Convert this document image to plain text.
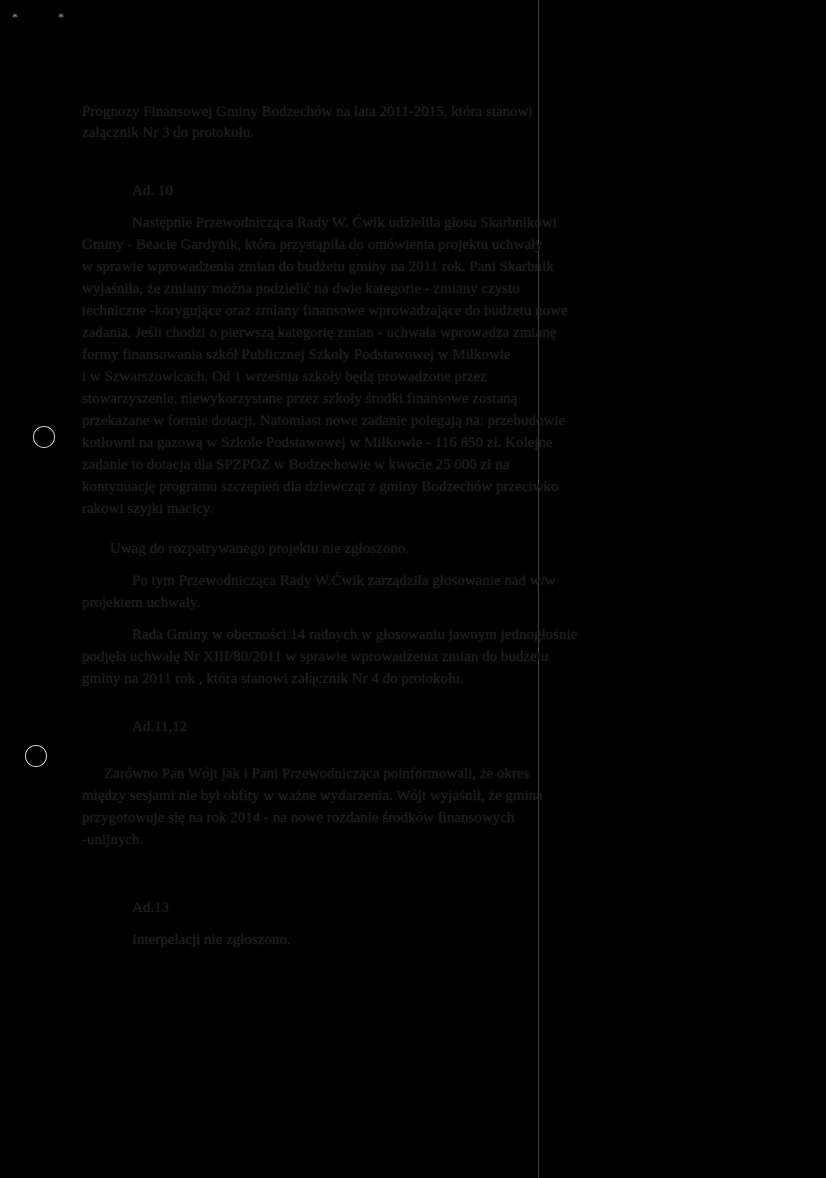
*	*
Prognozy Finansowej Gminy Bodzechów na lata 2011-2015, która stanowi
załącznik Nr 3 do protokołu.
Ad. 10
Następnie Przewodnicząca Rady W. Ćwik udzieliła głosu Skarbnikowi
Gminy - Beacie Gardynik, która przystąpiła do omówienia projektu uchwały
w sprawie wprowadzenia zmian do budżetu gminy na 2011 rok. Pani Skarbnik
wyjaśniła, że zmiany można podzielić na dwie kategorie - zmiany czysto
techniczne -korygujące oraz zmiany finansowe wprowadzające do budżetu nowe
zadania. Jeśli chodzi o pierwszą kategorię zmian - uchwała wprowadza zmianę
formy finansowania szkół Publicznej Szkoły Podstawowej w Miłkowie
i w Szwarszowicach. Od 1 września szkoły będą prowadzone przez
stowarzyszenie. niewykorzystane przez szkoły środki finansowe zostaną
przekazane w formie dotacji. Natomiast nowe zadanie polegają na: przebudowie
kotłowni na gazową w Szkole Podstawowej w Miłkowie - 116 850 zł. Kolejne
zadanie to dotacja dla SPZPOZ w Bodzechowie w kwocie 25 000 zł na
kontynuację programu szczepień dla dziewcząt z gminy Bodzechów przeciwko
rakowi szyjki macicy.
Uwag do rozpatrywanego projektu nie zgłoszono.
Po tym Przewodnicząca Rady W.Ćwik zarządziła głosowanie nad w/w
projektem uchwały.
Rada Gminy w obecności 14 radnych w głosowaniu jawnym jednogłośnie
podjęła uchwałę Nr XIII/80/2011 w sprawie wprowadzenia zmian do budżetu
gminy na 2011 rok , która stanowi załącznik Nr 4 do protokołu.
Ad.11,12
Zarówno Pan Wójt jak i Pani Przewodnicząca poinformowali, że okres
między sesjami nie był obfity w ważne wydarzenia. Wójt wyjaśnił, że gmina
przygotowuje się na rok 2014 - na nowe rozdanie środków finansowych
-unijnych.
Ad.13
Interpelacji nie zgłoszono.
